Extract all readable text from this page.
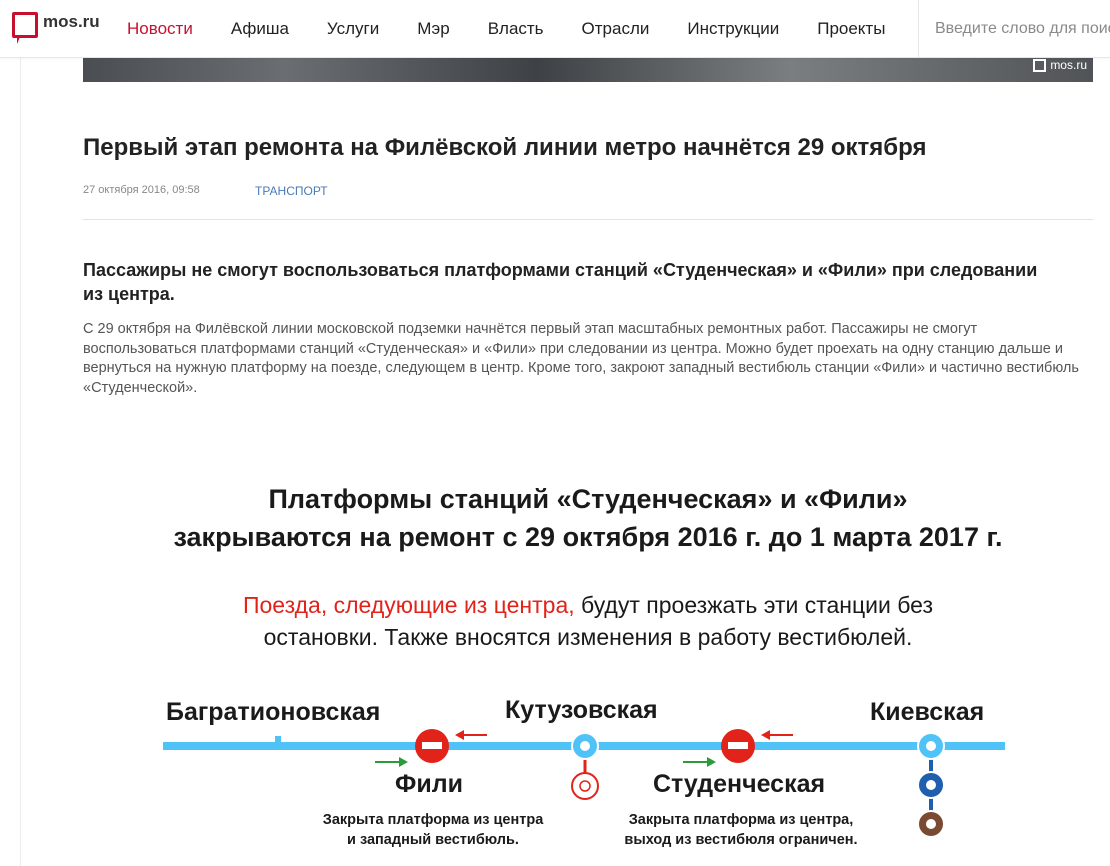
mos.ru	Новости	Афиша	Услуги	Мэр	Власть	Отрасли	Инструкции	Проекты
Введите слово для поиска
mos.ru
Первый этап ремонта на Филёвской линии метро начнётся 29 октября
27 октября 2016, 09:58	ТРАНСПОРТ

Пассажиры не смогут воспользоваться платформами станций «Студенческая» и «Фили» при следовании из центра.

С 29 октября на Филёвской линии московской подземки начнётся первый этап масштабных ремонтных работ. Пассажиры не смогут воспользоваться платформами станций «Студенческая» и «Фили» при следовании из центра. Можно будет проехать на одну станцию дальше и вернуться на нужную платформу на поезде, следующем в центр. Кроме того, закроют западный вестибюль станции «Фили» и частично вестибюль «Студенческой».

Платформы станций «Студенческая» и «Фили»
закрываются на ремонт с 29 октября 2016 г. до 1 марта 2017 г.
Поезда, следующие из центра, будут проезжать эти станции без
остановки. Также вносятся изменения в работу вестибюлей.
Багратионовская	Кутузовская	Киевская
Фили	Студенческая
Закрыта платформа из центра
и западный вестибюль.
Закрыта платформа из центра,
выход из вестибюля ограничен.
